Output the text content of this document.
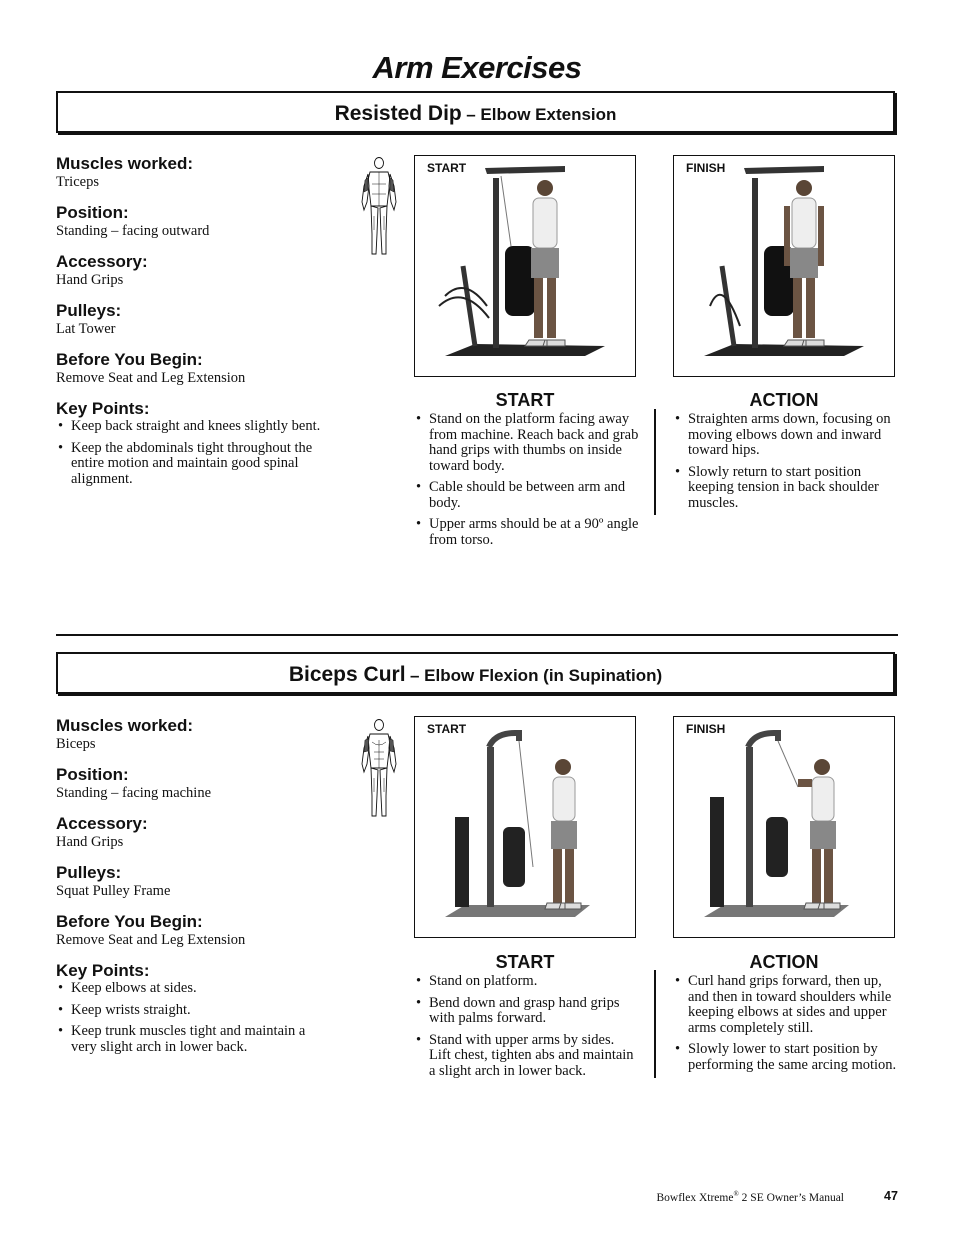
Arm Exercises
Resisted Dip – Elbow Extension
Muscles worked:
Triceps
Position:
Standing – facing outward
Accessory:
Hand Grips
Pulleys:
Lat Tower
Before You Begin:
Remove Seat and Leg Extension
Key Points:
• Keep back straight and knees slightly bent.
• Keep the abdominals tight throughout the entire motion and maintain good spinal alignment.
START	FINISH
START
• Stand on the platform facing away from machine. Reach back and grab hand grips with thumbs on inside toward body.
• Cable should be between arm and body.
• Upper arms should be at a 90º angle from torso.
ACTION
• Straighten arms down, focusing on moving elbows down and inward toward hips.
• Slowly return to start position keeping tension in back shoulder muscles.
Biceps Curl – Elbow Flexion (in Supination)
Muscles worked:
Biceps
Position:
Standing – facing machine
Accessory:
Hand Grips
Pulleys:
Squat Pulley Frame
Before You Begin:
Remove Seat and Leg Extension
Key Points:
• Keep elbows at sides.
• Keep wrists straight.
• Keep trunk muscles tight and maintain a very slight arch in lower back.
START	FINISH
START
• Stand on platform.
• Bend down and grasp hand grips with palms forward.
• Stand with upper arms by sides. Lift chest, tighten abs and maintain a slight arch in lower back.
ACTION
• Curl hand grips forward, then up, and then in toward shoulders while keeping elbows at sides and upper arms completely still.
• Slowly lower to start position by performing the same arcing motion.
Bowflex Xtreme® 2 SE Owner’s Manual	47
